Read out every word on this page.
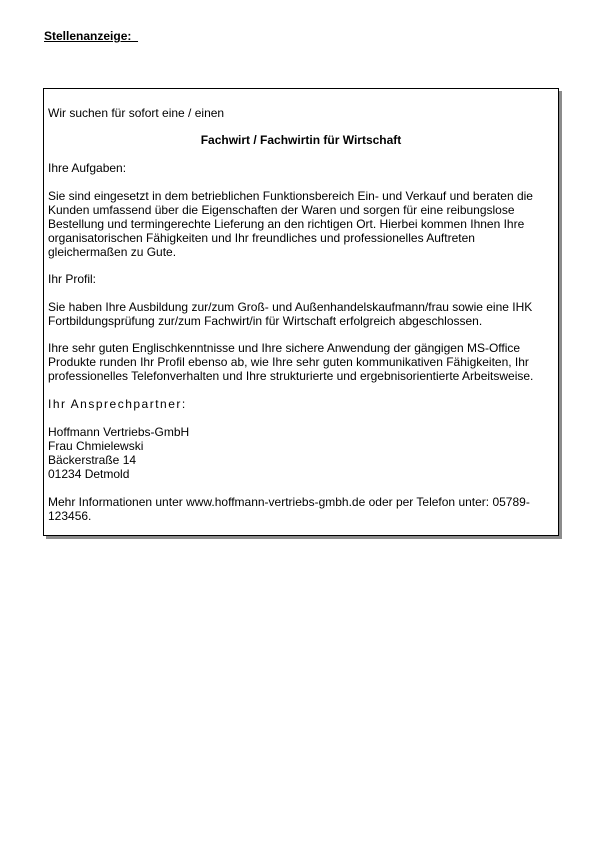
Stellenanzeige:
Wir suchen für sofort eine / einen
Fachwirt / Fachwirtin für Wirtschaft
Ihre Aufgaben:
Sie sind eingesetzt in dem betrieblichen Funktionsbereich Ein- und Verkauf und beraten die Kunden umfassend über die Eigenschaften der Waren und sorgen für eine reibungslose Bestellung und termingerechte Lieferung an den richtigen Ort. Hierbei kommen Ihnen Ihre organisatorischen Fähigkeiten und Ihr freundliches und professionelles Auftreten gleichermaßen zu Gute.
Ihr Profil:
Sie haben Ihre Ausbildung zur/zum Groß- und Außenhandelskaufmann/frau sowie eine IHK Fortbildungsprüfung zur/zum Fachwirt/in für Wirtschaft erfolgreich abgeschlossen.
Ihre sehr guten Englischkenntnisse und Ihre sichere Anwendung der gängigen MS-Office Produkte runden Ihr Profil ebenso ab, wie Ihre sehr guten kommunikativen Fähigkeiten, Ihr professionelles Telefonverhalten und Ihre strukturierte und ergebnisorientierte Arbeitsweise.
Ihr Ansprechpartner:
Hoffmann Vertriebs-GmbH
Frau Chmielewski
Bäckerstraße 14
01234 Detmold
Mehr Informationen unter www.hoffmann-vertriebs-gmbh.de oder per Telefon unter: 05789-123456.
